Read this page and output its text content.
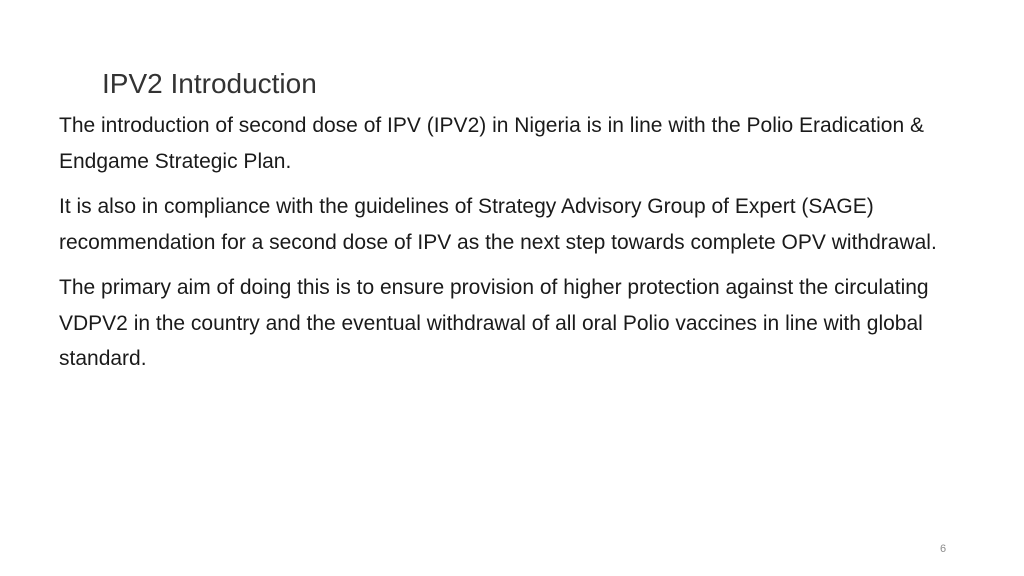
IPV2 Introduction

The introduction of second dose of IPV (IPV2) in Nigeria is in line with the Polio Eradication & Endgame Strategic Plan.

It is also in compliance with the guidelines of Strategy Advisory Group of Expert (SAGE) recommendation for a second dose of IPV as the next step towards complete OPV withdrawal.

The primary aim of doing this is to ensure provision of higher protection against the circulating VDPV2 in the country and the eventual withdrawal of all oral Polio vaccines in line with global standard.

6
